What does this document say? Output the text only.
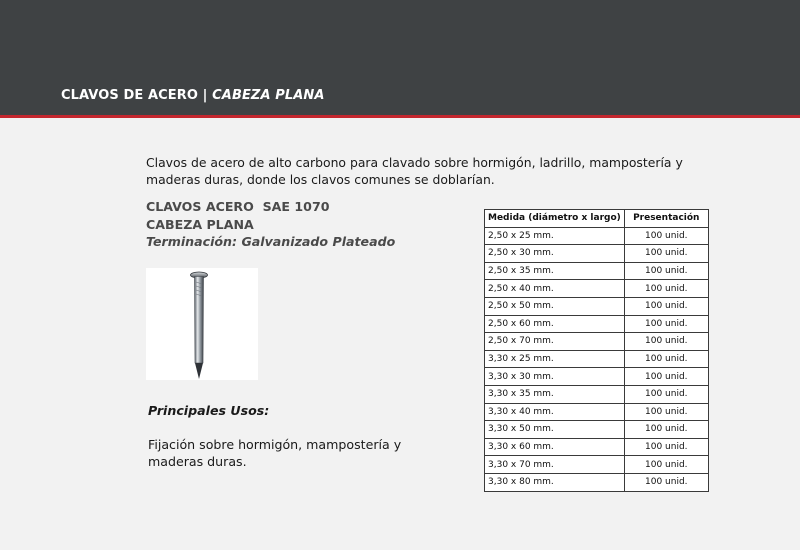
CLAVOS DE ACERO | CABEZA PLANA
Clavos de acero de alto carbono para clavado sobre hormigón, ladrillo, mampostería y maderas duras, donde los clavos comunes se doblarían.
CLAVOS ACERO  SAE 1070
CABEZA PLANA
Terminación: Galvanizado Plateado
Principales Usos:
Fijación sobre hormigón, mampostería y maderas duras.
Medida (diámetro x largo)	Presentación
2,50 x 25 mm.	100 unid.
2,50 x 30 mm.	100 unid.
2,50 x 35 mm.	100 unid.
2,50 x 40 mm.	100 unid.
2,50 x 50 mm.	100 unid.
2,50 x 60 mm.	100 unid.
2,50 x 70 mm.	100 unid.
3,30 x 25 mm.	100 unid.
3,30 x 30 mm.	100 unid.
3,30 x 35 mm.	100 unid.
3,30 x 40 mm.	100 unid.
3,30 x 50 mm.	100 unid.
3,30 x 60 mm.	100 unid.
3,30 x 70 mm.	100 unid.
3,30 x 80 mm.	100 unid.
